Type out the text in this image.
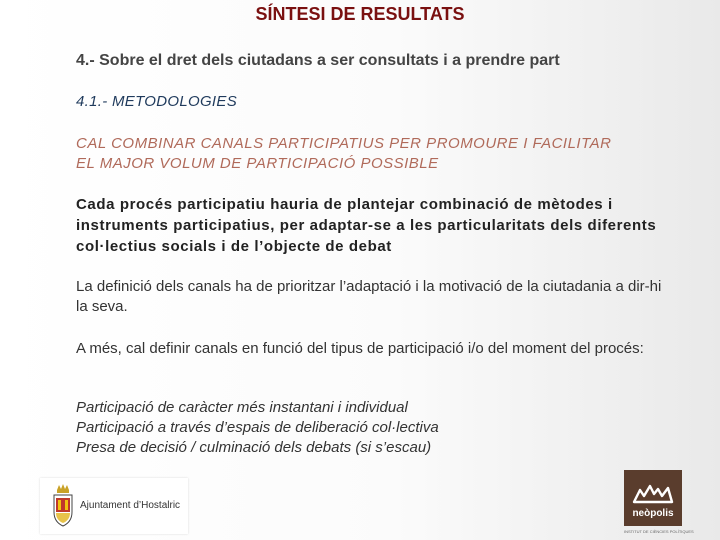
SÍNTESI DE RESULTATS
4.- Sobre el dret dels ciutadans a ser consultats i a prendre part
4.1.- METODOLOGIES
CAL COMBINAR CANALS PARTICIPATIUS PER PROMOURE I FACILITAR
EL MAJOR VOLUM DE PARTICIPACIÓ POSSIBLE
Cada procés participatiu hauria de plantejar combinació de mètodes i instruments participatius, per adaptar-se a les particularitats dels diferents col·lectius socials i de l’objecte de debat
La definició dels canals ha de prioritzar l’adaptació i la motivació de la ciutadania a dir-hi la seva.
A més, cal definir canals en funció del tipus de participació i/o del moment del procés:
Participació de caràcter més instantani i individual
Participació a través d’espais de deliberació col·lectiva
Presa de decisió / culminació dels debats (si s’escau)
Ajuntament d’Hostalric
neòpolis
INSTITUT DE CIÈNCIES POLÍTIQUES
